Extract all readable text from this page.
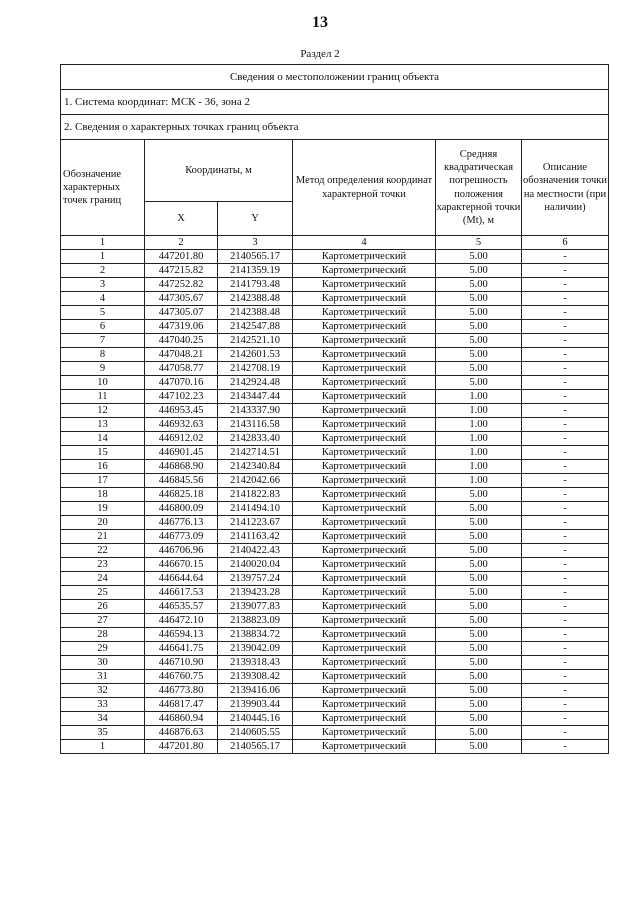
13
Раздел 2
Сведения о местоположении границ объекта					
1. Система координат: МСК - 36, зона 2					
2. Сведения о характерных точках границ объекта					
Обозначение характерных точек границ	Координаты, м		Метод определения координат характерной точки	Средняя квадратическая погрешность положения характерной точки (Mt), м	Описание обозначения точки на местности (при наличии)
	X	Y			
1	2	3	4	5	6
1	447201.80	2140565.17	Картометрический	5.00	-
2	447215.82	2141359.19	Картометрический	5.00	-
3	447252.82	2141793.48	Картометрический	5.00	-
4	447305.67	2142388.48	Картометрический	5.00	-
5	447305.07	2142388.48	Картометрический	5.00	-
6	447319.06	2142547.88	Картометрический	5.00	-
7	447040.25	2142521.10	Картометрический	5.00	-
8	447048.21	2142601.53	Картометрический	5.00	-
9	447058.77	2142708.19	Картометрический	5.00	-
10	447070.16	2142924.48	Картометрический	5.00	-
11	447102.23	2143447.44	Картометрический	1.00	-
12	446953.45	2143337.90	Картометрический	1.00	-
13	446932.63	2143116.58	Картометрический	1.00	-
14	446912.02	2142833.40	Картометрический	1.00	-
15	446901.45	2142714.51	Картометрический	1.00	-
16	446868.90	2142340.84	Картометрический	1.00	-
17	446845.56	2142042.66	Картометрический	1.00	-
18	446825.18	2141822.83	Картометрический	5.00	-
19	446800.09	2141494.10	Картометрический	5.00	-
20	446776.13	2141223.67	Картометрический	5.00	-
21	446773.09	2141163.42	Картометрический	5.00	-
22	446706.96	2140422.43	Картометрический	5.00	-
23	446670.15	2140020.04	Картометрический	5.00	-
24	446644.64	2139757.24	Картометрический	5.00	-
25	446617.53	2139423.28	Картометрический	5.00	-
26	446535.57	2139077.83	Картометрический	5.00	-
27	446472.10	2138823.09	Картометрический	5.00	-
28	446594.13	2138834.72	Картометрический	5.00	-
29	446641.75	2139042.09	Картометрический	5.00	-
30	446710.90	2139318.43	Картометрический	5.00	-
31	446760.75	2139308.42	Картометрический	5.00	-
32	446773.80	2139416.06	Картометрический	5.00	-
33	446817.47	2139903.44	Картометрический	5.00	-
34	446860.94	2140445.16	Картометрический	5.00	-
35	446876.63	2140605.55	Картометрический	5.00	-
1	447201.80	2140565.17	Картометрический	5.00	-
